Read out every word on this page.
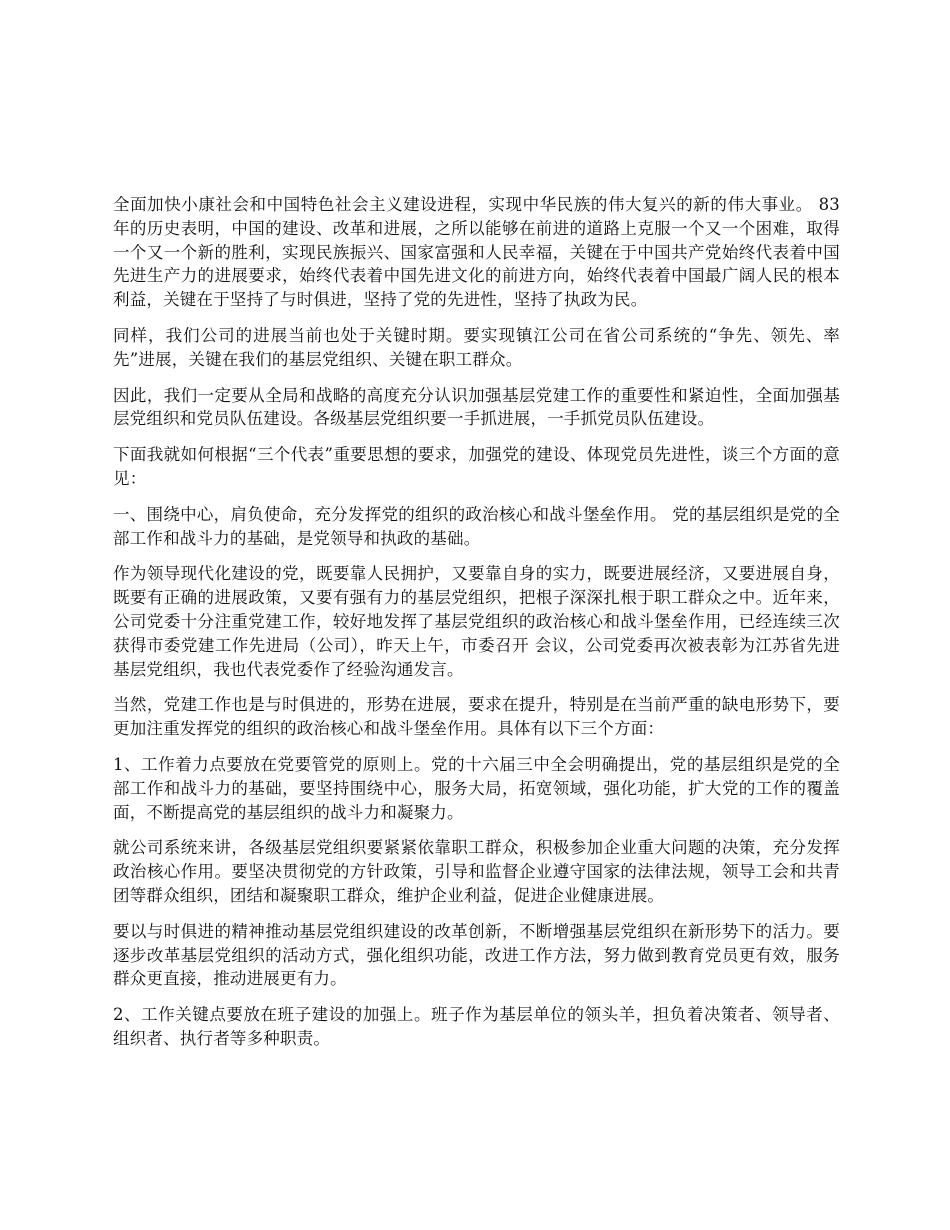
全面加快小康社会和中国特色社会主义建设进程，实现中华民族的伟大复兴的新的伟大事业。 83 年的历史表明，中国的建设、改革和进展，之所以能够在前进的道路上克服一个又一个困难，取得一个又一个新的胜利，实现民族振兴、国家富强和人民幸福，关键在于中国共产党始终代表着中国先进生产力的进展要求，始终代表着中国先进文化的前进方向，始终代表着中国最广阔人民的根本利益，关键在于坚持了与时俱进，坚持了党的先进性，坚持了执政为民。

同样，我们公司的进展当前也处于关键时期。要实现镇江公司在省公司系统的“争先、领先、率先”进展，关键在我们的基层党组织、关键在职工群众。

因此，我们一定要从全局和战略的高度充分认识加强基层党建工作的重要性和紧迫性，全面加强基层党组织和党员队伍建设。各级基层党组织要一手抓进展，一手抓党员队伍建设。

下面我就如何根据“三个代表”重要思想的要求，加强党的建设、体现党员先进性，谈三个方面的意见：

一、围绕中心，肩负使命，充分发挥党的组织的政治核心和战斗堡垒作用。 党的基层组织是党的全部工作和战斗力的基础，是党领导和执政的基础。

作为领导现代化建设的党，既要靠人民拥护，又要靠自身的实力，既要进展经济，又要进展自身，既要有正确的进展政策，又要有强有力的基层党组织，把根子深深扎根于职工群众之中。近年来，公司党委十分注重党建工作，较好地发挥了基层党组织的政治核心和战斗堡垒作用，已经连续三次获得市委党建工作先进局（公司），昨天上午，市委召开 会议，公司党委再次被表彰为江苏省先进基层党组织，我也代表党委作了经验沟通发言。

当然，党建工作也是与时俱进的，形势在进展，要求在提升，特别是在当前严重的缺电形势下，要更加注重发挥党的组织的政治核心和战斗堡垒作用。具体有以下三个方面：

1、工作着力点要放在党要管党的原则上。党的十六届三中全会明确提出，党的基层组织是党的全部工作和战斗力的基础，要坚持围绕中心，服务大局，拓宽领域，强化功能，扩大党的工作的覆盖面，不断提高党的基层组织的战斗力和凝聚力。

就公司系统来讲，各级基层党组织要紧紧依靠职工群众，积极参加企业重大问题的决策，充分发挥政治核心作用。要坚决贯彻党的方针政策，引导和监督企业遵守国家的法律法规，领导工会和共青团等群众组织，团结和凝聚职工群众，维护企业利益，促进企业健康进展。

要以与时俱进的精神推动基层党组织建设的改革创新，不断增强基层党组织在新形势下的活力。要逐步改革基层党组织的活动方式，强化组织功能，改进工作方法，努力做到教育党员更有效，服务群众更直接，推动进展更有力。

2、工作关键点要放在班子建设的加强上。班子作为基层单位的领头羊，担负着决策者、领导者、组织者、执行者等多种职责。
